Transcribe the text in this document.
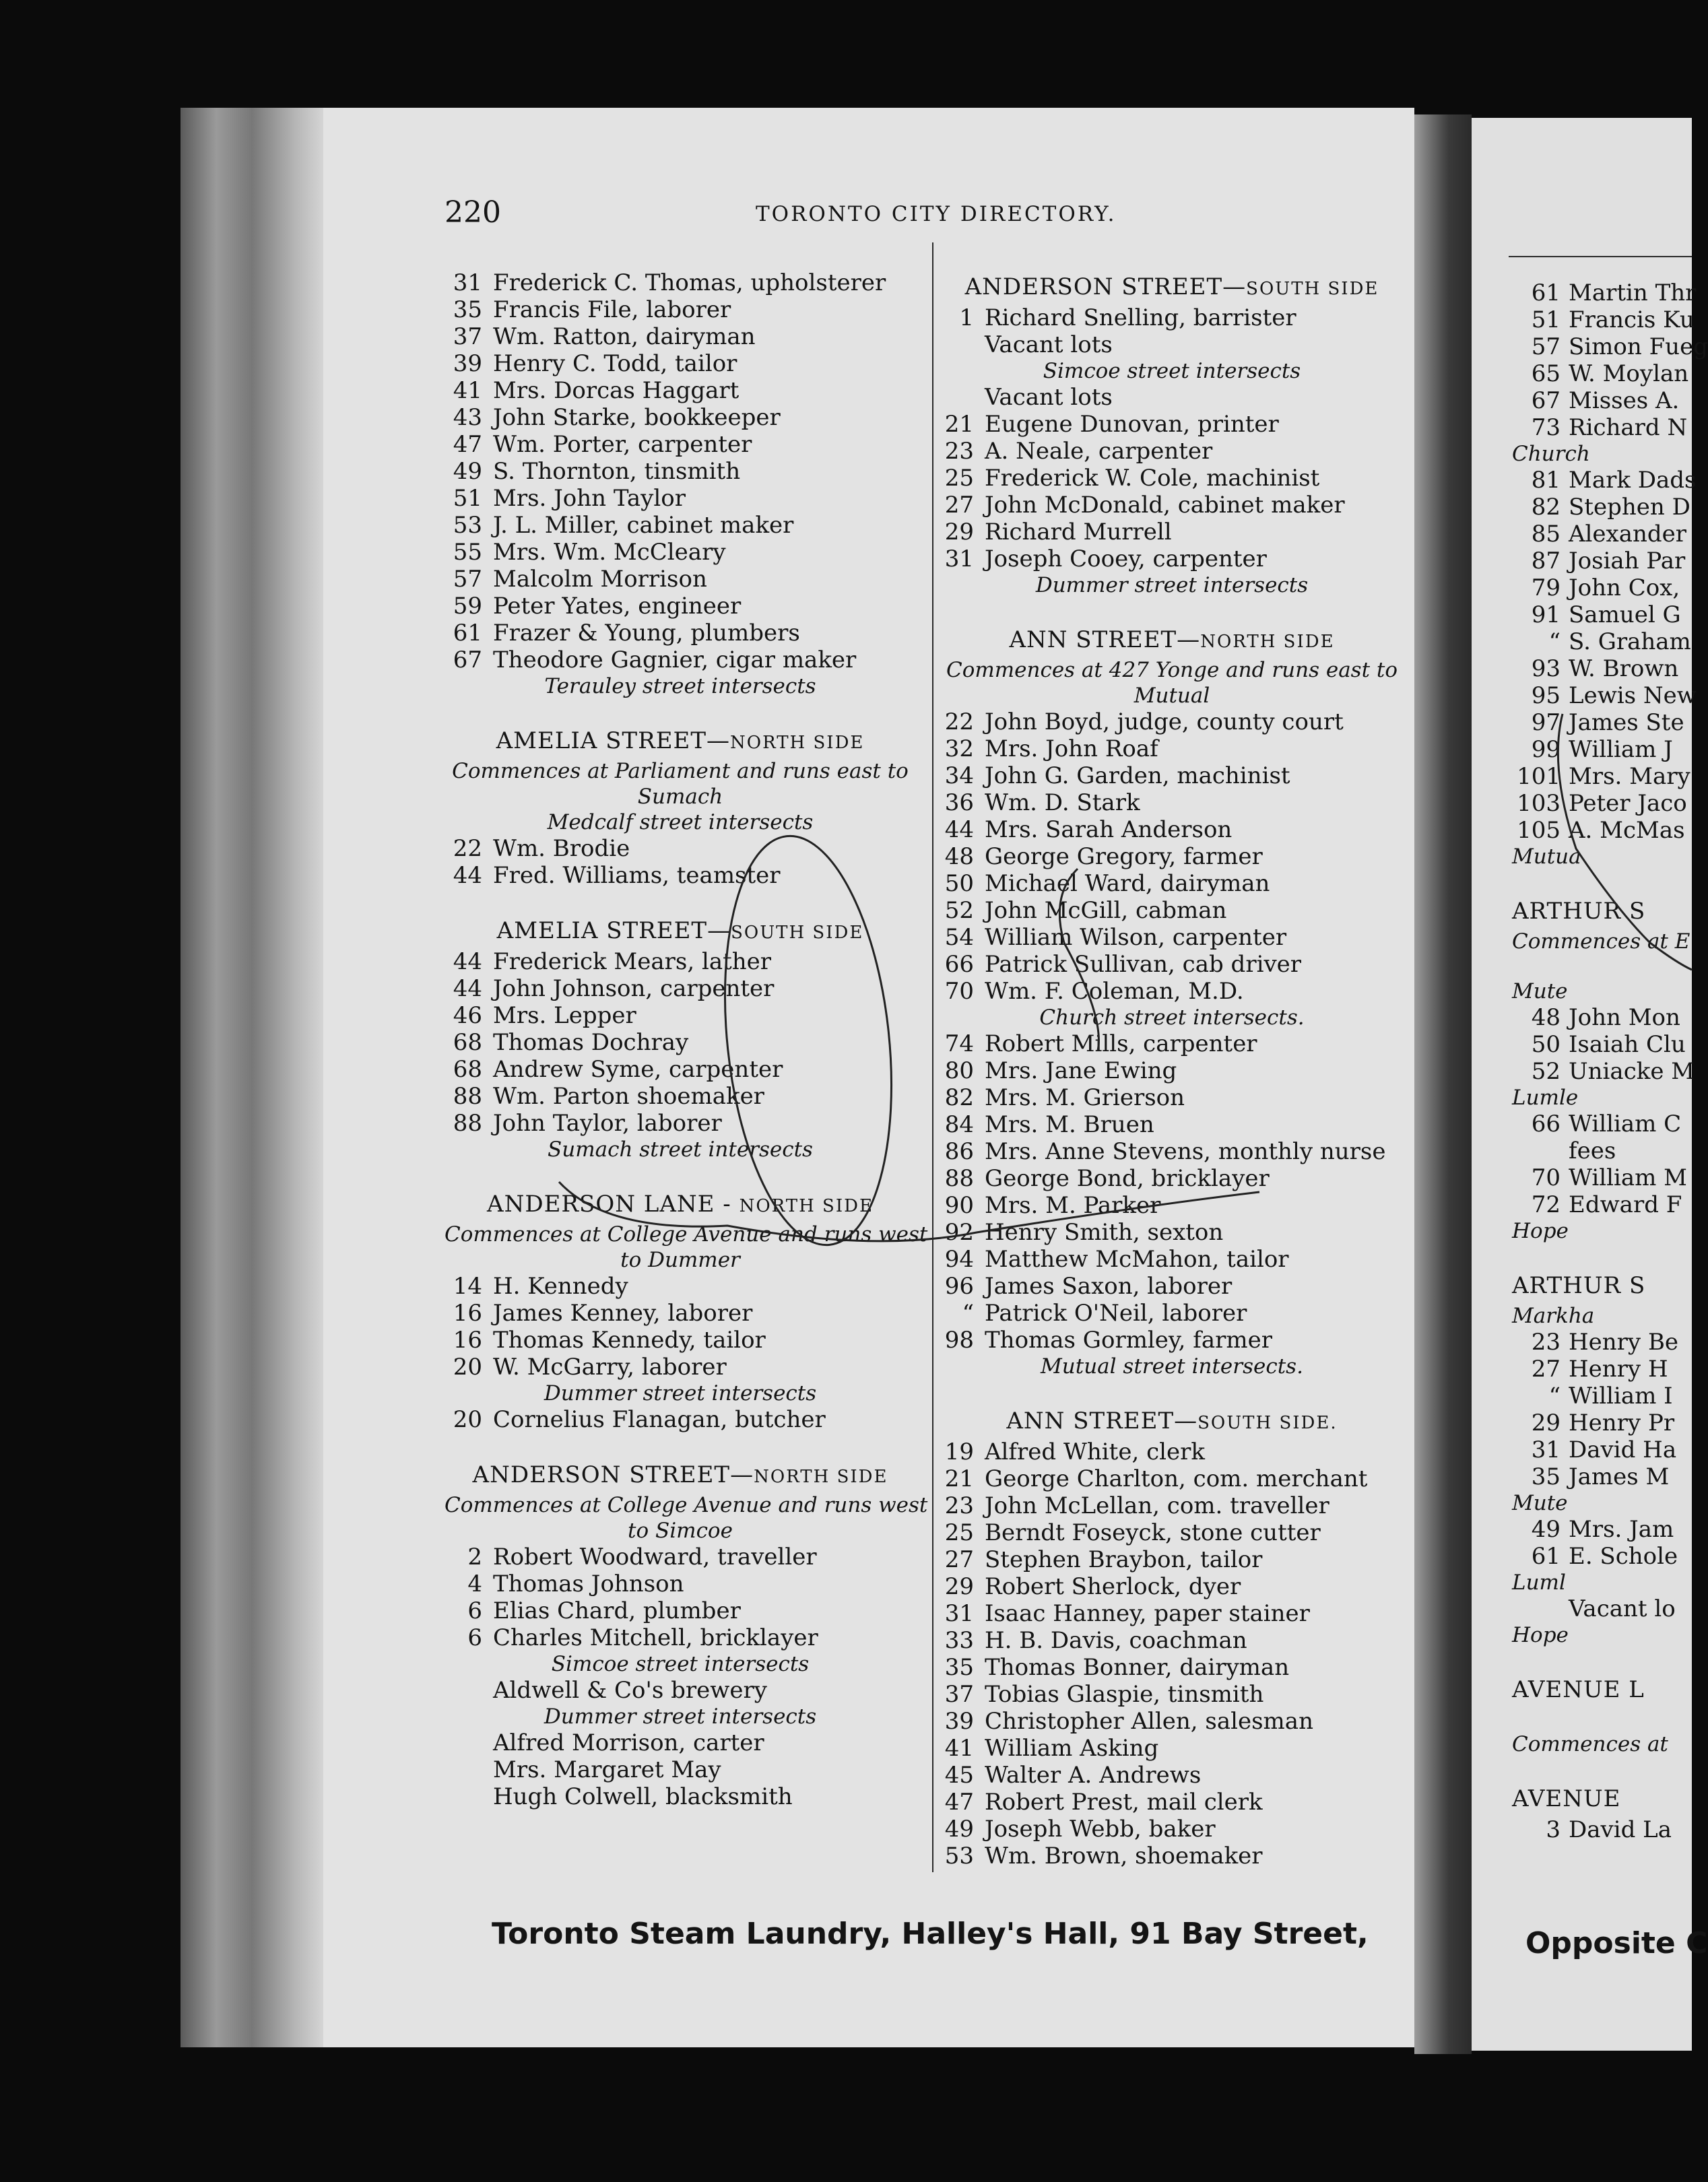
220	TORONTO CITY DIRECTORY.
31 Frederick C. Thomas, upholsterer
35 Francis File, laborer
37 Wm. Ratton, dairyman
39 Henry C. Todd, tailor
41 Mrs. Dorcas Haggart
43 John Starke, bookkeeper
47 Wm. Porter, carpenter
49 S. Thornton, tinsmith
51 Mrs. John Taylor
53 J. L. Miller, cabinet maker
55 Mrs. Wm. McCleary
57 Malcolm Morrison
59 Peter Yates, engineer
61 Frazer & Young, plumbers
67 Theodore Gagnier, cigar maker
Terauley street intersects
AMELIA STREET—NORTH SIDE
Commences at Parliament and runs east to
Sumach
Medcalf street intersects
22 Wm. Brodie
44 Fred. Williams, teamster
AMELIA STREET—SOUTH SIDE
44 Frederick Mears, lather
44 John Johnson, carpenter
46 Mrs. Lepper
68 Thomas Dochray
68 Andrew Syme, carpenter
88 Wm. Parton shoemaker
88 John Taylor, laborer
Sumach street intersects
ANDERSON LANE - NORTH SIDE
Commences at College Avenue and runs west
to Dummer
14 H. Kennedy
16 James Kenney, laborer
16 Thomas Kennedy, tailor
20 W. McGarry, laborer
Dummer street intersects
20 Cornelius Flanagan, butcher
ANDERSON STREET—NORTH SIDE
Commences at College Avenue and runs west
to Simcoe
2 Robert Woodward, traveller
4 Thomas Johnson
6 Elias Chard, plumber
6 Charles Mitchell, bricklayer
Simcoe street intersects
Aldwell & Co's brewery
Dummer street intersects
Alfred Morrison, carter
Mrs. Margaret May
Hugh Colwell, blacksmith
ANDERSON STREET—SOUTH SIDE
1 Richard Snelling, barrister
Vacant lots
Simcoe street intersects
Vacant lots
21 Eugene Dunovan, printer
23 A. Neale, carpenter
25 Frederick W. Cole, machinist
27 John McDonald, cabinet maker
29 Richard Murrell
31 Joseph Cooey, carpenter
Dummer street intersects
ANN STREET—NORTH SIDE
Commences at 427 Yonge and runs east to
Mutual
22 John Boyd, judge, county court
32 Mrs. John Roaf
34 John G. Garden, machinist
36 Wm. D. Stark
44 Mrs. Sarah Anderson
48 George Gregory, farmer
50 Michael Ward, dairyman
52 John McGill, cabman
54 William Wilson, carpenter
66 Patrick Sullivan, cab driver
70 Wm. F. Coleman, M.D.
Church street intersects.
74 Robert Mills, carpenter
80 Mrs. Jane Ewing
82 Mrs. M. Grierson
84 Mrs. M. Bruen
86 Mrs. Anne Stevens, monthly nurse
88 George Bond, bricklayer
90 Mrs. M. Parker
92 Henry Smith, sexton
94 Matthew McMahon, tailor
96 James Saxon, laborer
“ Patrick O'Neil, laborer
98 Thomas Gormley, farmer
Mutual street intersects.
ANN STREET—SOUTH SIDE.
19 Alfred White, clerk
21 George Charlton, com. merchant
23 John McLellan, com. traveller
25 Berndt Foseyck, stone cutter
27 Stephen Braybon, tailor
29 Robert Sherlock, dyer
31 Isaac Hanney, paper stainer
33 H. B. Davis, coachman
35 Thomas Bonner, dairyman
37 Tobias Glaspie, tinsmith
39 Christopher Allen, salesman
41 William Asking
45 Walter A. Andrews
47 Robert Prest, mail clerk
49 Joseph Webb, baker
53 Wm. Brown, shoemaker
61 Martin Thr
51 Francis Ku
57 Simon Fueg
65 W. Moylan
67 Misses A.
73 Richard N
Church
81 Mark Dads
82 Stephen D
85 Alexander
87 Josiah Par
79 John Cox,
91 Samuel G
“ S. Graham
93 W. Brown
95 Lewis New
97 James Ste
99 William J
101 Mrs. Mary
103 Peter Jaco
105 A. McMas
Mutua
ARTHUR S
Commences at E
Mute
48 John Mon
50 Isaiah Clu
52 Uniacke M
Lumle
66 William C
fees
70 William M
72 Edward F
Hope
ARTHUR S
Markha
23 Henry Be
27 Henry H
“ William I
29 Henry Pr
31 David Ha
35 James M
Mute
49 Mrs. Jam
61 E. Schole
Luml
Vacant lo
Hope
AVENUE L
Commences at
AVENUE
3 David La
Toronto Steam Laundry, Halley's Hall, 91 Bay Street,	Opposite C
